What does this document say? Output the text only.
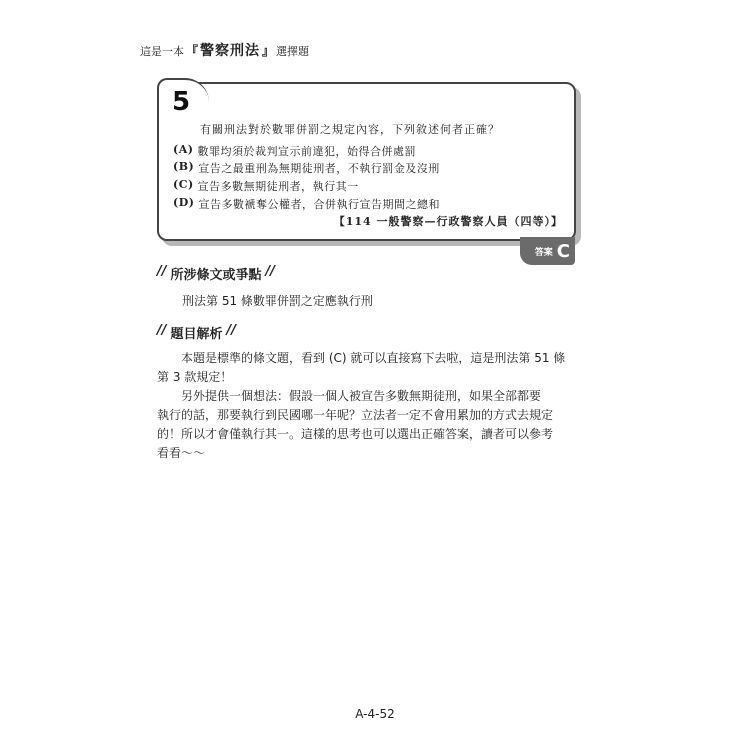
這是一本 『 警察刑法 』 選擇題
5
有關刑法對於數罪併罰之規定內容，下列敘述何者正確？
(A) 數罪均須於裁判宣示前違犯，始得合併處罰
(B) 宣告之最重刑為無期徒刑者，不執行罰金及沒刑
(C) 宣告多數無期徒刑者，執行其一
(D) 宣告多數褫奪公權者，合併執行宣告期間之總和
【114 一般警察—行政警察人員（四等）】
答案 C
// 所涉條文或爭點 //
刑法第 51 條數罪併罰之定應執行刑
// 題目解析 //
　　本題是標準的條文題，看到 (C) 就可以直接寫下去啦，這是刑法第 51 條
第 3 款規定！
　　另外提供一個想法：假設一個人被宣告多數無期徒刑，如果全部都要
執行的話，那要執行到民國哪一年呢？立法者一定不會用累加的方式去規定
的！所以才會僅執行其一。這樣的思考也可以選出正確答案，讀者可以參考
看看～～
A-4-52
